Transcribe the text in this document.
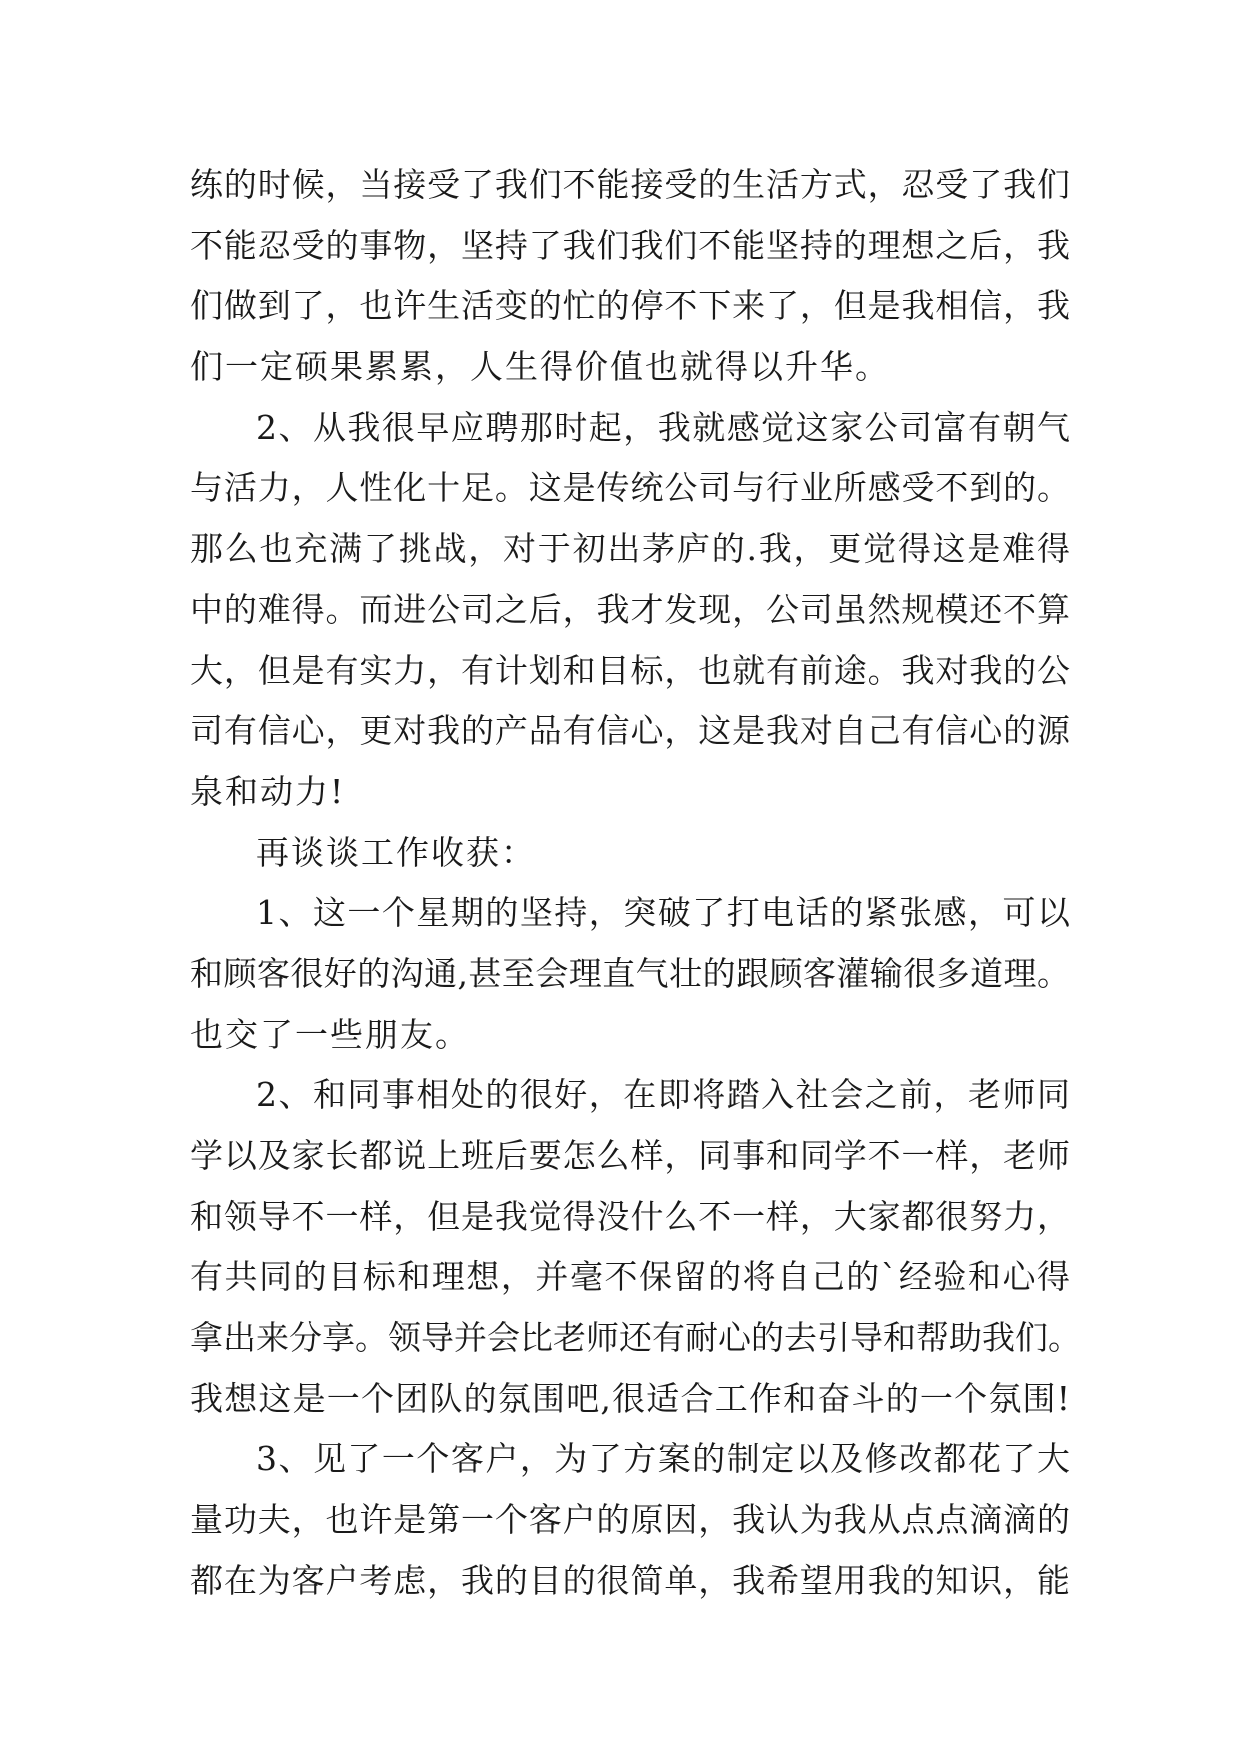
练的时候，当接受了我们不能接受的生活方式，忍受了我们
不能忍受的事物，坚持了我们我们不能坚持的理想之后，我
们做到了，也许生活变的忙的停不下来了，但是我相信，我
们一定硕果累累，人生得价值也就得以升华。
2、从我很早应聘那时起，我就感觉这家公司富有朝气
与活力，人性化十足。这是传统公司与行业所感受不到的。
那么也充满了挑战，对于初出茅庐的.我，更觉得这是难得
中的难得。而进公司之后，我才发现，公司虽然规模还不算
大，但是有实力，有计划和目标，也就有前途。我对我的公
司有信心，更对我的产品有信心，这是我对自己有信心的源
泉和动力!
再谈谈工作收获：
1、这一个星期的坚持，突破了打电话的紧张感，可以
和顾客很好的沟通,甚至会理直气壮的跟顾客灌输很多道理。
也交了一些朋友。
2、和同事相处的很好，在即将踏入社会之前，老师同
学以及家长都说上班后要怎么样，同事和同学不一样，老师
和领导不一样，但是我觉得没什么不一样，大家都很努力，
有共同的目标和理想，并毫不保留的将自己的`经验和心得
拿出来分享。领导并会比老师还有耐心的去引导和帮助我们。
我想这是一个团队的氛围吧,很适合工作和奋斗的一个氛围!
3、见了一个客户，为了方案的制定以及修改都花了大
量功夫，也许是第一个客户的原因，我认为我从点点滴滴的
都在为客户考虑，我的目的很简单，我希望用我的知识，能
